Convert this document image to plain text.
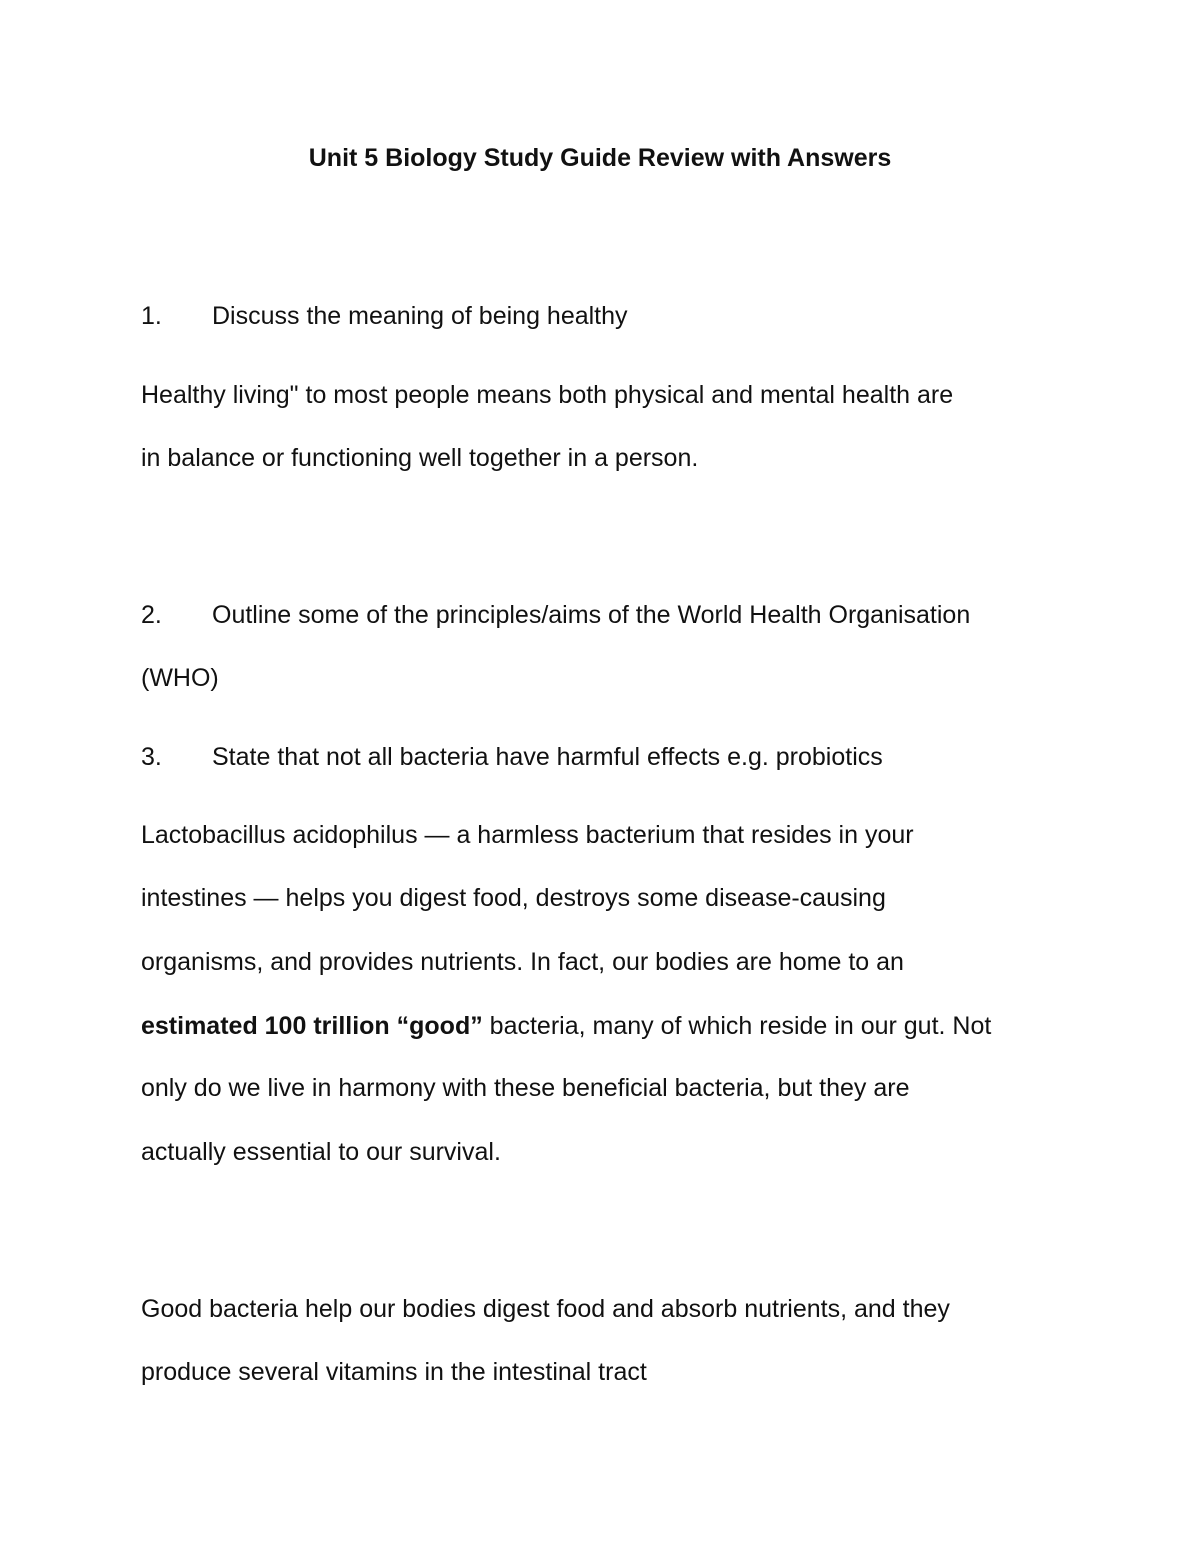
Unit 5 Biology Study Guide Review with Answers

1. Discuss the meaning of being healthy

Healthy living" to most people means both physical and mental health are

in balance or functioning well together in a person.

2. Outline some of the principles/aims of the World Health Organisation

(WHO)

3. State that not all bacteria have harmful effects e.g. probiotics

Lactobacillus acidophilus — a harmless bacterium that resides in your

intestines — helps you digest food, destroys some disease-causing

organisms, and provides nutrients. In fact, our bodies are home to an

estimated 100 trillion “good” bacteria, many of which reside in our gut. Not

only do we live in harmony with these beneficial bacteria, but they are

actually essential to our survival.

Good bacteria help our bodies digest food and absorb nutrients, and they

produce several vitamins in the intestinal tract
